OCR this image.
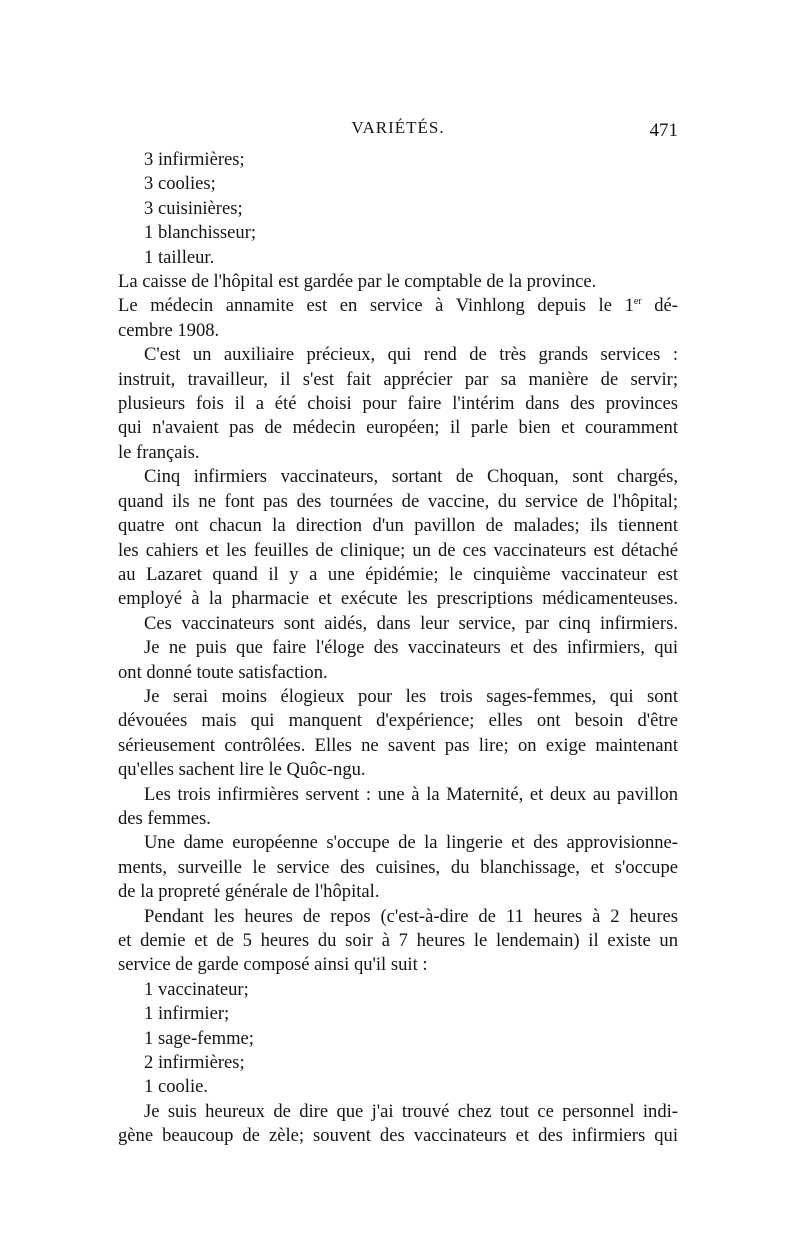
VARIÉTÉS.	471
3 infirmières;
3 coolies;
3 cuisinières;
1 blanchisseur;
1 tailleur.
La caisse de l'hôpital est gardée par le comptable de la province.
Le médecin annamite est en service à Vinhlong depuis le 1er dé-
cembre 1908.
C'est un auxiliaire précieux, qui rend de très grands services :
instruit, travailleur, il s'est fait apprécier par sa manière de servir;
plusieurs fois il a été choisi pour faire l'intérim dans des provinces
qui n'avaient pas de médecin européen; il parle bien et couramment
le français.
Cinq infirmiers vaccinateurs, sortant de Choquan, sont chargés,
quand ils ne font pas des tournées de vaccine, du service de l'hôpital;
quatre ont chacun la direction d'un pavillon de malades; ils tiennent
les cahiers et les feuilles de clinique; un de ces vaccinateurs est détaché
au Lazaret quand il y a une épidémie; le cinquième vaccinateur est
employé à la pharmacie et exécute les prescriptions médicamenteuses.
Ces vaccinateurs sont aidés, dans leur service, par cinq infirmiers.
Je ne puis que faire l'éloge des vaccinateurs et des infirmiers, qui
ont donné toute satisfaction.
Je serai moins élogieux pour les trois sages-femmes, qui sont
dévouées mais qui manquent d'expérience; elles ont besoin d'être
sérieusement contrôlées. Elles ne savent pas lire; on exige maintenant
qu'elles sachent lire le Quôc-ngu.
Les trois infirmières servent : une à la Maternité, et deux au pavillon
des femmes.
Une dame européenne s'occupe de la lingerie et des approvisionne-
ments, surveille le service des cuisines, du blanchissage, et s'occupe
de la propreté générale de l'hôpital.
Pendant les heures de repos (c'est-à-dire de 11 heures à 2 heures
et demie et de 5 heures du soir à 7 heures le lendemain) il existe un
service de garde composé ainsi qu'il suit :
1 vaccinateur;
1 infirmier;
1 sage-femme;
2 infirmières;
1 coolie.
Je suis heureux de dire que j'ai trouvé chez tout ce personnel indi-
gène beaucoup de zèle; souvent des vaccinateurs et des infirmiers qui
